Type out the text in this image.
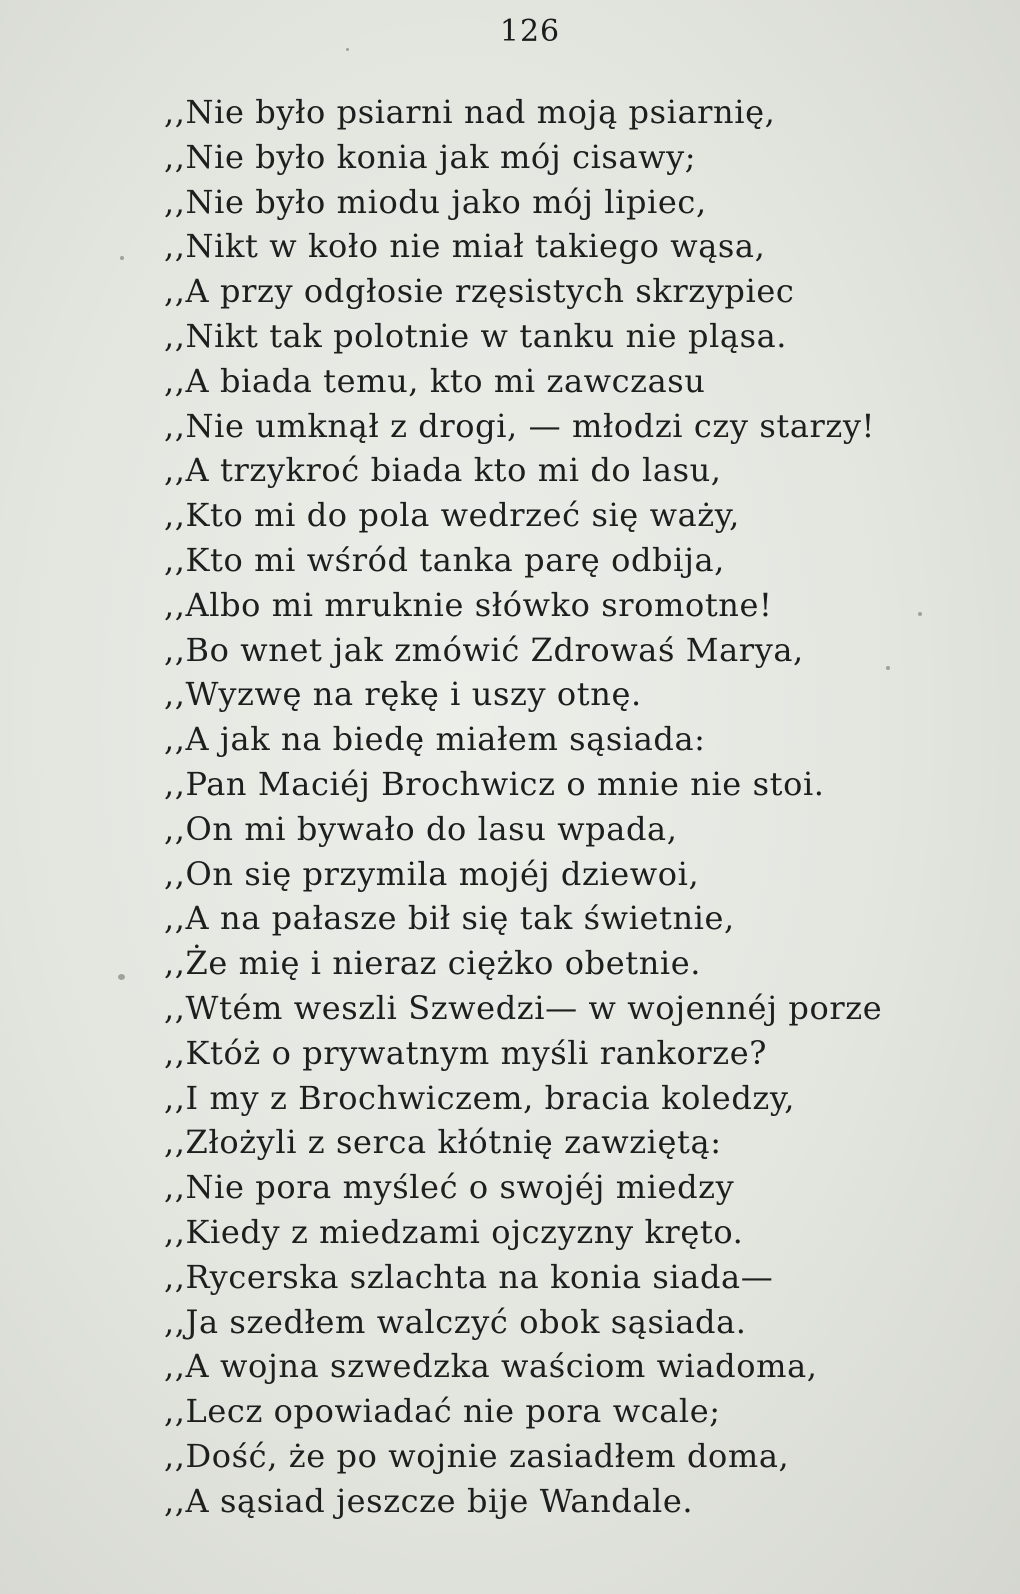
126
,,Nie było psiarni nad moją psiarnię,
,,Nie było konia jak mój cisawy;
,,Nie było miodu jako mój lipiec,
,,Nikt w koło nie miał takiego wąsa,
,,A przy odgłosie rzęsistych skrzypiec
,,Nikt tak polotnie w tanku nie pląsa.
,,A biada temu, kto mi zawczasu
,,Nie umknął z drogi, — młodzi czy starzy!
,,A trzykroć biada kto mi do lasu,
,,Kto mi do pola wedrzeć się waży,
,,Kto mi wśród tanka parę odbija,
,,Albo mi mruknie słówko sromotne!
,,Bo wnet jak zmówić Zdrowaś Marya,
,,Wyzwę na rękę i uszy otnę.
,,A jak na biedę miałem sąsiada:
,,Pan Maciéj Brochwicz o mnie nie stoi.
,,On mi bywało do lasu wpada,
,,On się przymila mojéj dziewoi,
,,A na pałasze bił się tak świetnie,
,,Że mię i nieraz ciężko obetnie.
,,Wtém weszli Szwedzi— w wojennéj porze
,,Któż o prywatnym myśli rankorze?
,,I my z Brochwiczem, bracia koledzy,
,,Złożyli z serca kłótnię zawziętą:
,,Nie pora myśleć o swojéj miedzy
,,Kiedy z miedzami ojczyzny kręto.
,,Rycerska szlachta na konia siada—
,,Ja szedłem walczyć obok sąsiada.
,,A wojna szwedzka waściom wiadoma,
,,Lecz opowiadać nie pora wcale;
,,Dość, że po wojnie zasiadłem doma,
,,A sąsiad jeszcze bije Wandale.
